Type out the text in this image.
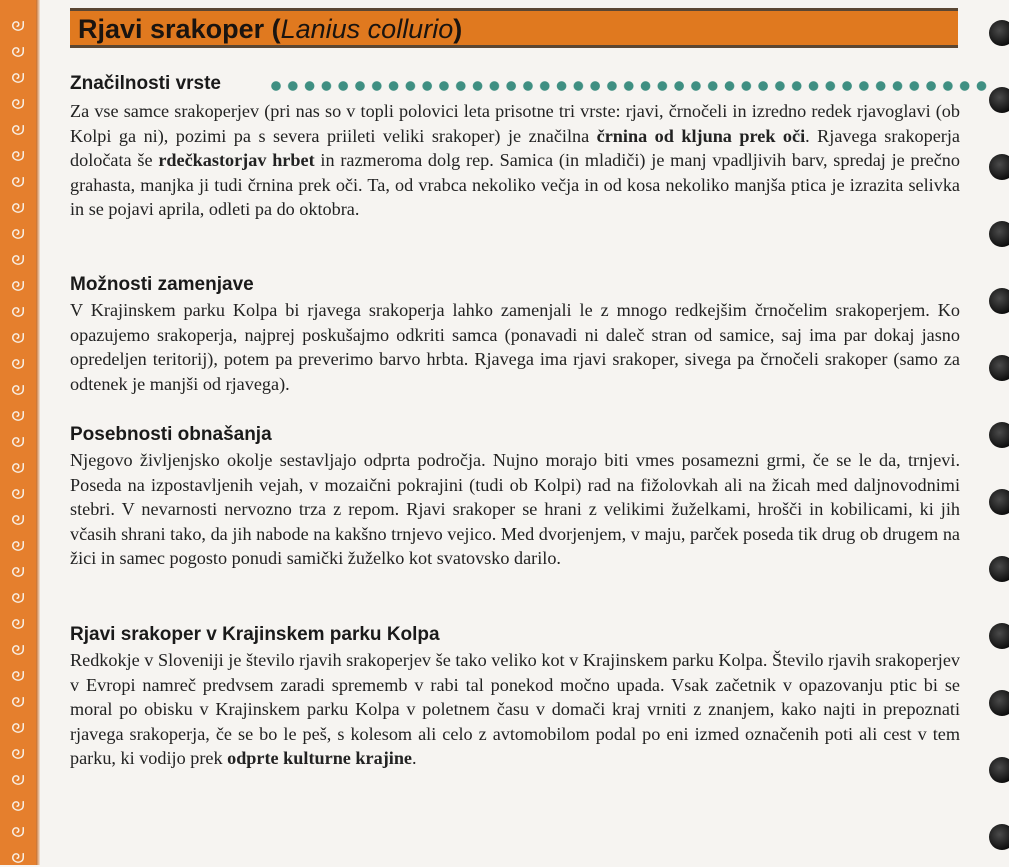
ᘐ
ᘐ
ᘐ
ᘐ
ᘐ
ᘐ
ᘐ
ᘐ
ᘐ
ᘐ
ᘐ
ᘐ
ᘐ
ᘐ
ᘐ
ᘐ
ᘐ
ᘐ
ᘐ
ᘐ
ᘐ
ᘐ
ᘐ
ᘐ
ᘐ
ᘐ
ᘐ
ᘐ
ᘐ
ᘐ
ᘐ
ᘐ
ᘐ
Rjavi srakoper (Lanius collurio)
Značilnosti vrste
Za vse samce srakoperjev (pri nas so v topli polovici leta prisotne tri vrste: rjavi, črnočeli in izredno redek rjavoglavi (ob Kolpi ga ni), pozimi pa s severa priileti veliki srakoper) je značilna črnina od kljuna prek oči. Rjavega srakoperja določata še rdečkastorjav hrbet in razmeroma dolg rep. Samica (in mladiči) je manj vpadljivih barv, spredaj je prečno grahasta, manjka ji tudi črnina prek oči. Ta, od vrabca nekoliko večja in od kosa nekoliko manjša ptica je izrazita selivka in se pojavi aprila, odleti pa do oktobra.
Možnosti zamenjave
V Krajinskem parku Kolpa bi rjavega srakoperja lahko zamenjali le z mnogo redkejšim črnočelim srakoperjem. Ko opazujemo srakoperja, najprej poskušajmo odkriti samca (ponavadi ni daleč stran od samice, saj ima par dokaj jasno opredeljen teritorij), potem pa preverimo barvo hrbta. Rjavega ima rjavi srakoper, sivega pa črnočeli srakoper (samo za odtenek je manjši od rjavega).
Posebnosti obnašanja
Njegovo življenjsko okolje sestavljajo odprta področja. Nujno morajo biti vmes posamezni grmi, če se le da, trnjevi. Poseda na izpostavljenih vejah, v mozaični pokrajini (tudi ob Kolpi) rad na fižolovkah ali na žicah med daljnovodnimi stebri. V nevarnosti nervozno trza z repom. Rjavi srakoper se hrani z velikimi žuželkami, hrošči in kobilicami, ki jih včasih shrani tako, da jih nabode na kakšno trnjevo vejico. Med dvorjenjem, v maju, parček poseda tik drug ob drugem na žici in samec pogosto ponudi samički žuželko kot svatovsko darilo.
Rjavi srakoper v Krajinskem parku Kolpa
Redkokje v Sloveniji je število rjavih srakoperjev še tako veliko kot v Krajinskem parku Kolpa. Število rjavih srakoperjev v Evropi namreč predvsem zaradi sprememb v rabi tal ponekod močno upada. Vsak začetnik v opazovanju ptic bi se moral po obisku v Krajinskem parku Kolpa v poletnem času v domači kraj vrniti z znanjem, kako najti in prepoznati rjavega srakoperja, če se bo le peš, s kolesom ali celo z avtomobilom podal po eni izmed označenih poti ali cest v tem parku, ki vodijo prek odprte kulturne krajine.
